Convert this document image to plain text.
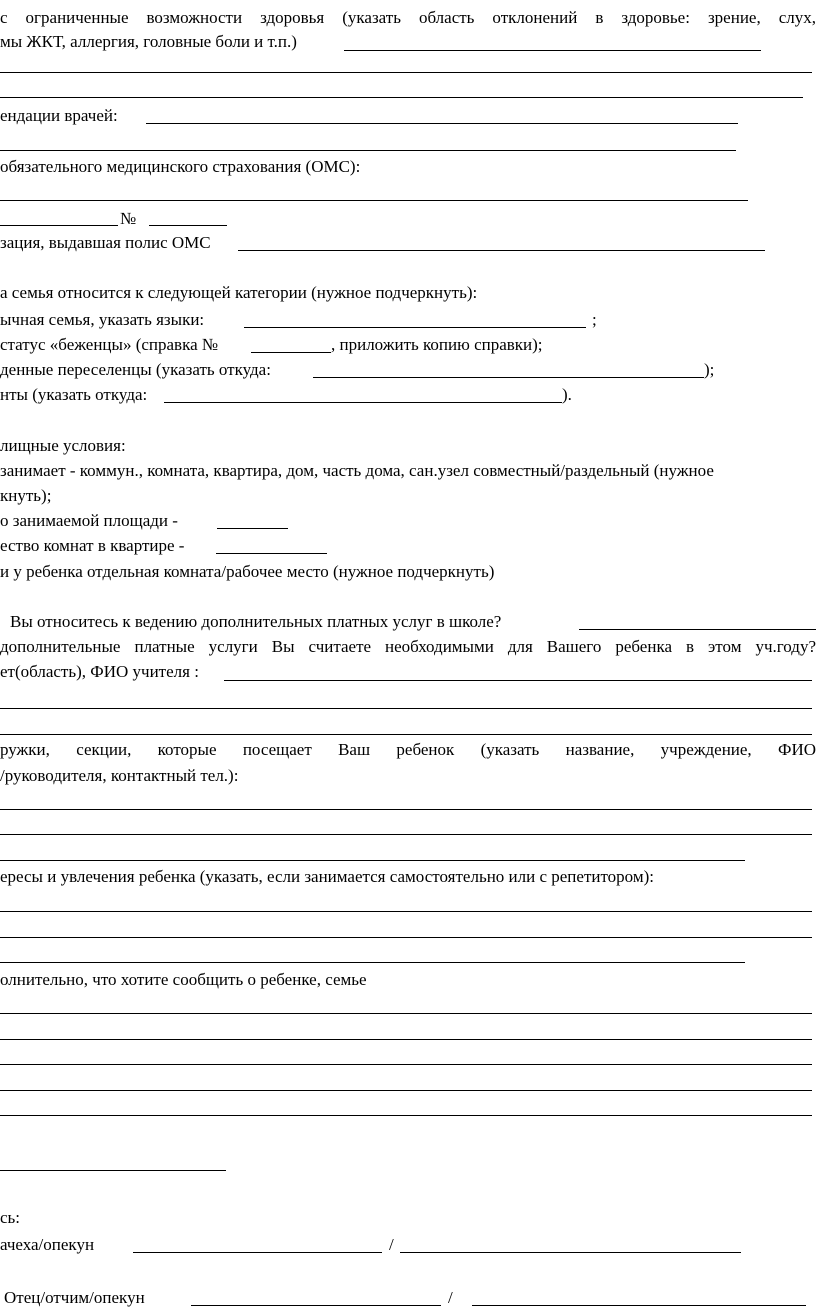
с ограниченные возможности здоровья (указать область отклонений в здоровье: зрение, слух,
мы ЖКТ, аллергия, головные боли и т.п.)
ендации врачей:
обязательного медицинского страхования (ОМС):
№
зация, выдавшая полис ОМС
а семья относится к следующей категории (нужное подчеркнуть):
ычная семья, указать языки:	;
статус «беженцы» (справка №	, приложить копию справки);
денные переселенцы (указать откуда:	);
нты (указать откуда:	).
лищные условия:
занимает - коммун., комната, квартира, дом, часть дома, сан.узел совместный/раздельный (нужное
кнуть);
о занимаемой площади -
ество комнат в квартире -
и у ребенка отдельная комната/рабочее место (нужное подчеркнуть)
Вы относитесь к ведению дополнительных платных услуг в школе?
дополнительные платные услуги Вы считаете необходимыми для Вашего ребенка в этом уч.году?
ет(область), ФИО учителя :
ружки, секции, которые посещает Ваш ребенок (указать название, учреждение, ФИО
/руководителя, контактный тел.):
ересы и увлечения ребенка (указать, если занимается самостоятельно или с репетитором):
олнительно, что хотите сообщить о ребенке, семье
сь:
ачеха/опекун	/
Отец/отчим/опекун	/
